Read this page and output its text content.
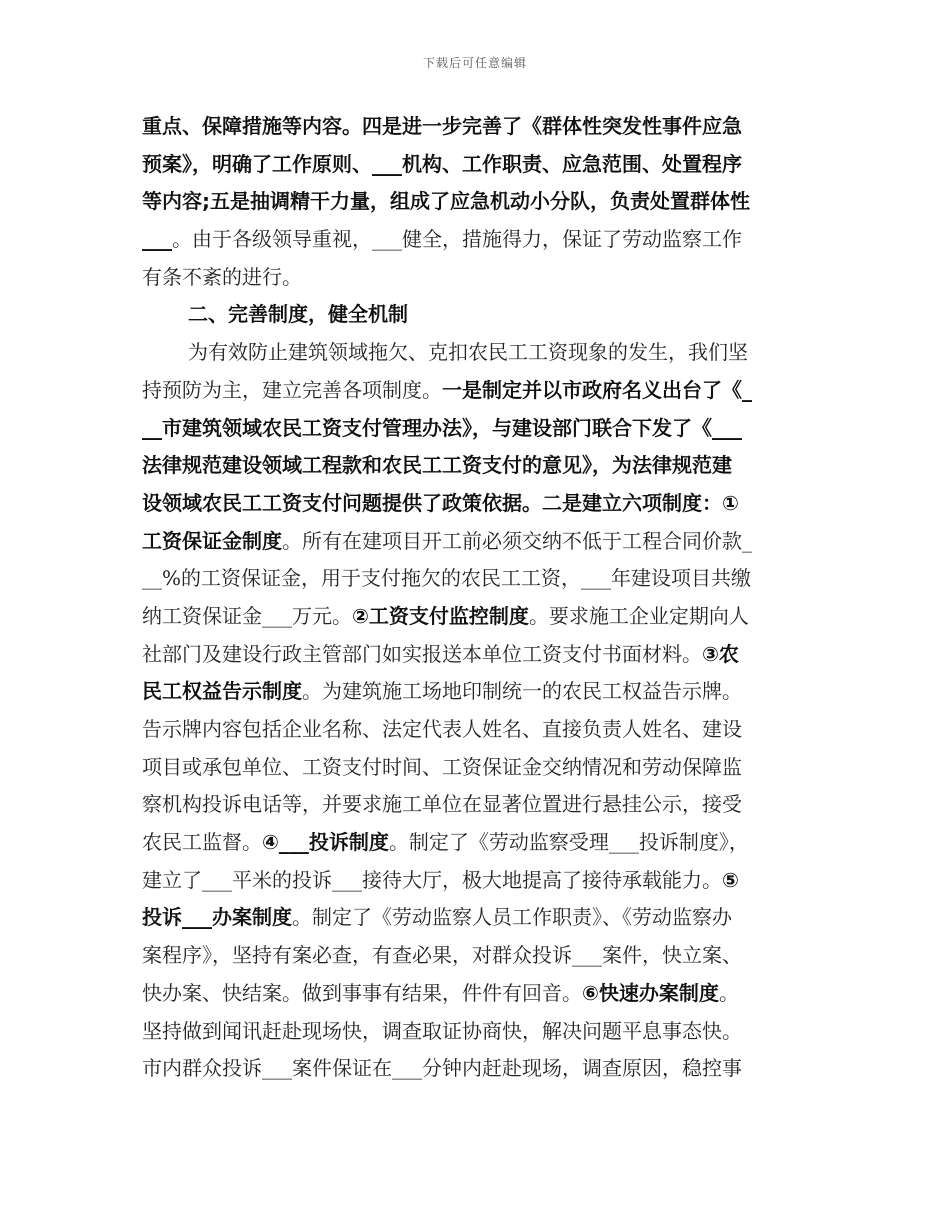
下载后可任意编辑
重点、保障措施等内容。四是进一步完善了《群体性突发性事件应急
预案》，明确了工作原则、___机构、工作职责、应急范围、处置程序
等内容;五是抽调精干力量，组成了应急机动小分队，负责处置群体性
___。由于各级领导重视，___健全，措施得力，保证了劳动监察工作
有条不紊的进行。
二、完善制度，健全机制
为有效防止建筑领域拖欠、克扣农民工工资现象的发生，我们坚
持预防为主，建立完善各项制度。一是制定并以市政府名义出台了《_
__市建筑领域农民工资支付管理办法》，与建设部门联合下发了《___
法律规范建设领域工程款和农民工工资支付的意见》，为法律规范建
设领域农民工工资支付问题提供了政策依据。二是建立六项制度：①
工资保证金制度。所有在建项目开工前必须交纳不低于工程合同价款_
__%的工资保证金，用于支付拖欠的农民工工资，___年建设项目共缴
纳工资保证金___万元。②工资支付监控制度。要求施工企业定期向人
社部门及建设行政主管部门如实报送本单位工资支付书面材料。③农
民工权益告示制度。为建筑施工场地印制统一的农民工权益告示牌。
告示牌内容包括企业名称、法定代表人姓名、直接负责人姓名、建设
项目或承包单位、工资支付时间、工资保证金交纳情况和劳动保障监
察机构投诉电话等，并要求施工单位在显著位置进行悬挂公示，接受
农民工监督。④___投诉制度。制定了《劳动监察受理___投诉制度》，
建立了___平米的投诉___接待大厅，极大地提高了接待承载能力。⑤
投诉___办案制度。制定了《劳动监察人员工作职责》、《劳动监察办
案程序》，坚持有案必查，有查必果，对群众投诉___案件，快立案、
快办案、快结案。做到事事有结果，件件有回音。⑥快速办案制度。
坚持做到闻讯赶赴现场快，调查取证协商快，解决问题平息事态快。
市内群众投诉___案件保证在___分钟内赶赴现场，调查原因，稳控事
